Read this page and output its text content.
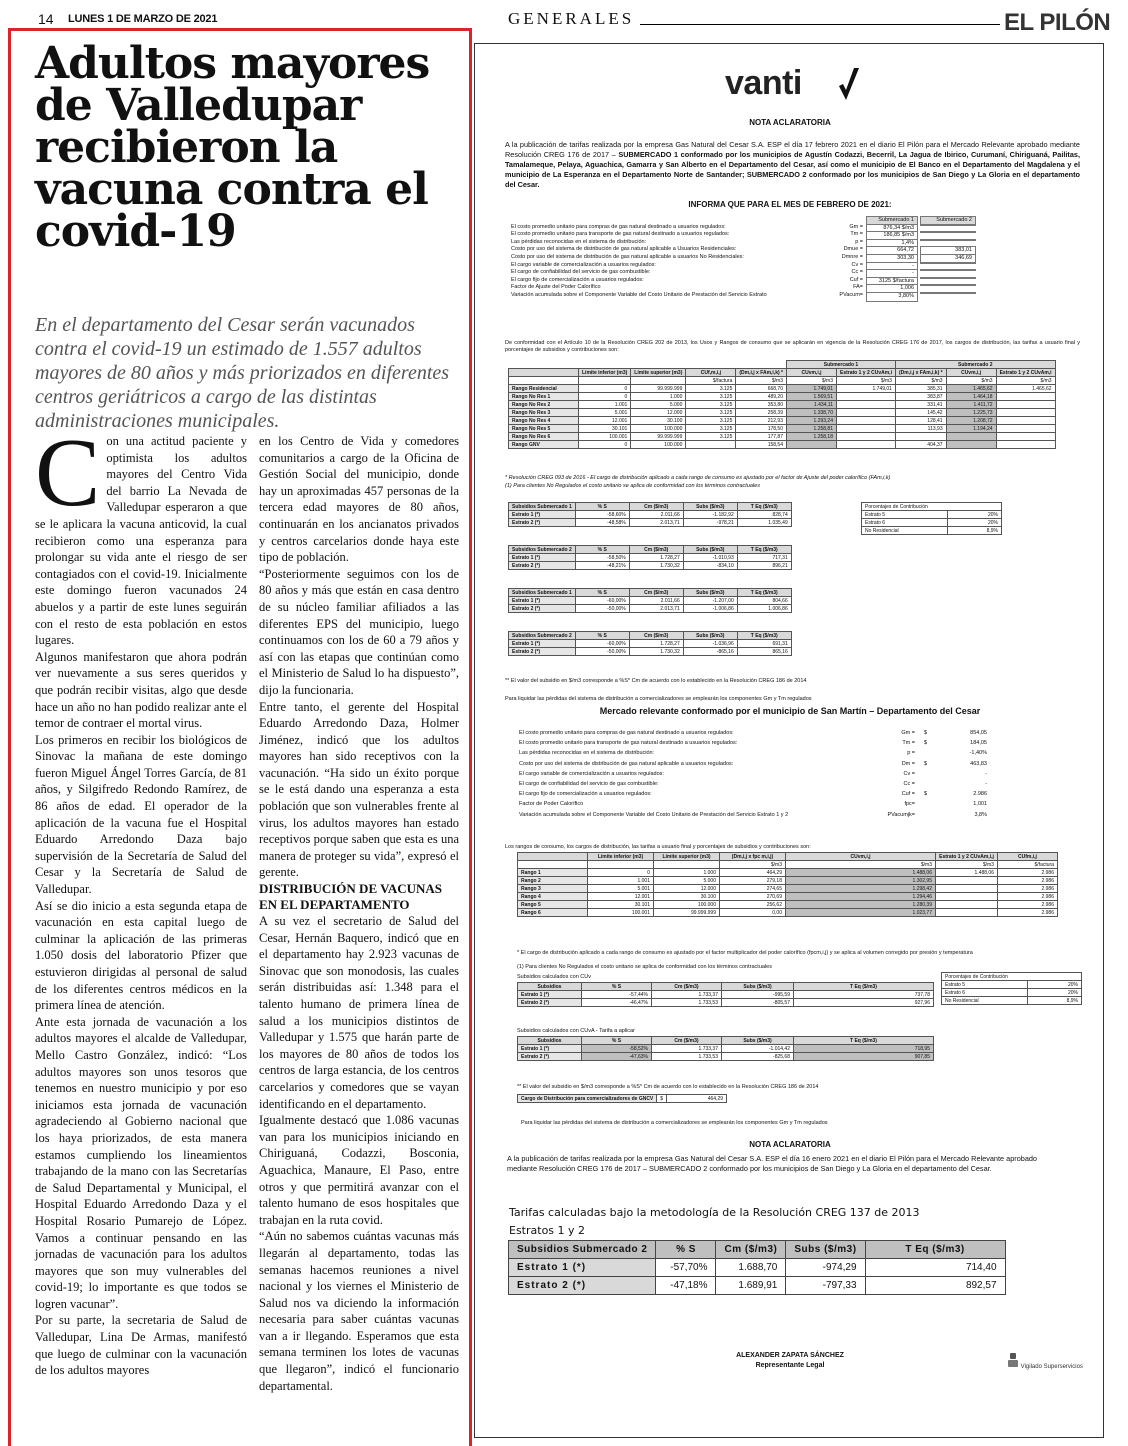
14 LUNES 1 DE MARZO DE 2021	GENERALES	EL PILÓN
Adultos mayores de Valledupar recibieron la vacuna contra el covid-19

En el departamento del Cesar serán vacunados contra el covid-19 un estimado de 1.557 adultos mayores de 80 años y más priorizados en diferentes centros geriátricos a cargo de las distintas administraciones municipales.

C on una actitud paciente y optimista los adultos mayores del Centro Vida del barrio La Nevada de Valledupar esperaron a que se le aplicara la vacuna anticovid, la cual recibieron como una esperanza para prolongar su vida ante el riesgo de ser contagiados con el covid-19. Inicialmente este domingo fueron vacunados 24 abuelos y a partir de este lunes seguirán con el resto de esta población en estos lugares.

Algunos manifestaron que ahora podrán ver nuevamente a sus seres queridos y que podrán recibir visitas, algo que desde hace un año no han podido realizar ante el temor de contraer el mortal virus.

Los primeros en recibir los biológicos de Sinovac la mañana de este domingo fueron Miguel Ángel Torres García, de 81 años, y Silgifredo Redondo Ramírez, de 86 años de edad. El operador de la aplicación de la vacuna fue el Hospital Eduardo Arredondo Daza bajo supervisión de la Secretaría de Salud del Cesar y la Secretaría de Salud de Valledupar.

Así se dio inicio a esta segunda etapa de vacunación en esta capital luego de culminar la aplicación de las primeras 1.050 dosis del laboratorio Pfizer que estuvieron dirigidas al personal de salud de los diferentes centros médicos en la primera línea de atención.

Ante esta jornada de vacunación a los adultos mayores el alcalde de Valledupar, Mello Castro González, indicó: “Los adultos mayores son unos tesoros que tenemos en nuestro municipio y por eso iniciamos esta jornada de vacunación agradeciendo al Gobierno nacional que los haya priorizados, de esta manera estamos cumpliendo los lineamientos trabajando de la mano con las Secretarías de Salud Departamental y Municipal, el Hospital Eduardo Arredondo Daza y el Hospital Rosario Pumarejo de López. Vamos a continuar pensando en las jornadas de vacunación para los adultos mayores que son muy vulnerables del covid-19; lo importante es que todos se logren vacunar”.

Por su parte, la secretaria de Salud de Valledupar, Lina De Armas, manifestó que luego de culminar con la vacunación de los adultos mayores

en los Centro de Vida y comedores comunitarios a cargo de la Oficina de Gestión Social del municipio, donde hay un aproximadas 457 personas de la tercera edad mayores de 80 años, continuarán en los ancianatos privados y centros carcelarios donde haya este tipo de población.

“Posteriormente seguimos con los de 80 años y más que están en casa dentro de su núcleo familiar afiliados a las diferentes EPS del municipio, luego continuamos con los de 60 a 79 años y así con las etapas que continúan como el Ministerio de Salud lo ha dispuesto”, dijo la funcionaria.

Entre tanto, el gerente del Hospital Eduardo Arredondo Daza, Holmer Jiménez, indicó que los adultos mayores han sido receptivos con la vacunación. “Ha sido un éxito porque se le está dando una esperanza a esta población que son vulnerables frente al virus, los adultos mayores han estado receptivos porque saben que esta es una manera de proteger su vida”, expresó el gerente.

DISTRIBUCIÓN DE VACUNAS EN EL DEPARTAMENTO

A su vez el secretario de Salud del Cesar, Hernán Baquero, indicó que en el departamento hay 2.923 vacunas de Sinovac que son monodosis, las cuales serán distribuidas así: 1.348 para el talento humano de primera línea de salud a los municipios distintos de Valledupar y 1.575 que harán parte de los mayores de 80 años de todos los centros de larga estancia, de los centros carcelarios y comedores que se vayan identificando en el departamento.

Igualmente destacó que 1.086 vacunas van para los municipios iniciando en Chiriguaná, Codazzi, Bosconia, Aguachica, Manaure, El Paso, entre otros y que permitirá avanzar con el talento humano de esos hospitales que trabajan en la ruta covid.

“Aún no sabemos cuántas vacunas más llegarán al departamento, todas las semanas hacemos reuniones a nivel nacional y los viernes el Ministerio de Salud nos va diciendo la información necesaria para saber cuántas vacunas van a ir llegando. Esperamos que esta semana terminen los lotes de vacunas que llegaron”, indicó el funcionario departamental.

vanti
NOTA ACLARATORIA
A la publicación de tarifas realizada por la empresa Gas Natural del Cesar S.A. ESP el día 17 febrero 2021 en el diario El Pilón para el Mercado Relevante aprobado mediante Resolución CREG 176 de 2017 – SUBMERCADO 1 conformado por los municipios de Agustín Codazzi, Becerril, La Jagua de Ibirico, Curumaní, Chiriguaná, Pailitas, Tamalameque, Pelaya, Aguachica, Gamarra y San Alberto en el Departamento del Cesar, así como el municipio de El Banco en el Departamento del Magdalena y el municipio de La Esperanza en el Departamento Norte de Santander; SUBMERCADO 2 conformado por los municipios de San Diego y La Gloria en el departamento del Cesar.
INFORMA QUE PARA EL MES DE FEBRERO DE 2021:
Submercado 1	Submercado 2
El costo promedio unitario para compras de gas natural destinado a usuarios regulados:	Gm =	876,34 $/m3
El costo promedio unitario para transporte de gas natural destinado a usuarios regulados:	Tm =	186,85 $/m3
Las pérdidas reconocidas en el sistema de distribución:	p =	1,4%
Costo por uso del sistema de distribución de gas natural aplicable a Usuarios Residenciales:	Dmue =	664,72	383,01
Costo por uso del sistema de distribución de gas natural aplicable a usuarios No Residenciales:	Dmnre =	303,30	346,69
El cargo variable de comercialización a usuarios regulados:	Cv =	-
El cargo de confiabilidad del servicio de gas combustible:	Cc =	-
El cargo fijo de comercialización a usuarios regulados:	Cuf =	3125 $/factura
Factor de Ajuste del Poder Calorífico	FA=	1,006
Variación acumulada sobre el Componente Variable del Costo Unitario de Prestación del Servicio Estrato	PVacum=	3,80%
De conformidad con el Artículo 10 de la Resolución CREG 202 de 2013, los Usos y Rangos de consumo que se aplicarán en vigencia de la Resolución CREG 176 de 2017, los cargos de distribución, las tarifas a usuario final y porcentajes de subsidios y contribuciones son:
					Submercado 1		Submercado 2		
	Límite inferior (m3)	Límite superior (m3)	CUf,m,i,j	(Dm,i,j x FAm,i,k) *	CUvm,i,j	Estrato 1 y 2 CUvAm,i	(Dm,i,j x FAm,i,k) *	CUvm,i,j	Estrato 1 y 2 CUvAm,i
			$/factura	$/m3	$/m3	$/m3	$/m3	$/m3	$/m3
Rango Residencial	0	99.999.999	3.125	668,70	1.749,01	1.749,01	385,31	1.465,62	1.465,62
Rango No Res 1	0	1.000	3.125	489,20	1.569,51		383,87	1.464,18	
Rango No Res 2	1.001	5.000	3.125	353,80	1.434,11		331,41	1.411,72	
Rango No Res 3	5.001	12.000	3.125	258,39	1.338,70		145,42	1.225,73	
Rango No Res 4	12.001	30.100	3.125	212,93	1.293,24		128,41	1.208,72	
Rango No Res 5	30.101	100.000	3.125	178,50	1.258,81		113,93	1.194,24	
Rango No Res 6	100.001	99.999.999	3.125	177,87	1.258,18				
Rango GNV	0	100.000		158,54			404,37		
* Resolución CREG 093 de 2016 - El cargo de distribución aplicado a cada rango de consumo es ajustado por el factor de Ajuste del poder calorífico (FAm,i,k)
(1) Para clientes No Regulados el costo unitario se aplica de conformidad con los términos contractuales
Subsidios Submercado 1	% S	Cm ($/m3)	Subs ($/m3)	T Eq ($/m3)
Estrato 1 (*)	-58,60%	2.011,66	-1.182,92	828,74
Estrato 2 (*)	-48,58%	2.013,71	-978,21	1.035,49
Subsidios Submercado 2	% S	Cm ($/m3)	Subs ($/m3)	T Eq ($/m3)
Estrato 1 (*)	-58,50%	1.728,27	-1.010,93	717,31
Estrato 2 (*)	-48,21%	1.730,32	-834,10	896,21
Subsidios Submercado 1	% S	Cm ($/m3)	Subs ($/m3)	T Eq ($/m3)
Estrato 1 (*)	-60,00%	2.011,66	-1.207,00	804,66
Estrato 2 (*)	-50,00%	2.013,71	-1.006,86	1.006,86
Subsidios Submercado 2	% S	Cm ($/m3)	Subs ($/m3)	T Eq ($/m3)
Estrato 1 (*)	-60,00%	1.728,27	-1.036,96	691,31
Estrato 2 (*)	-50,00%	1.730,32	-865,16	865,16
Porcentajes de Contribución	
Estrato 5	20%
Estrato 6	20%
No Residencial	8,9%
** El valor del subsidio en $/m3 corresponde a %S* Cm de acuerdo con lo establecido en la Resolución CREG 186 de 2014
Para liquidar las pérdidas del sistema de distribución a comercializadores se emplearán los componentes Gm y Tm regulados
Mercado relevante conformado por el municipio de San Martín – Departamento del Cesar
El costo promedio unitario para compras de gas natural destinado a usuarios regulados:	Gm =	$	854,05
El costo promedio unitario para transporte de gas natural destinado a usuarios regulados:	Tm =	$	184,05
Las pérdidas reconocidas en el sistema de distribución:	p =	-1,40%
Costo por uso del sistema de distribución de gas natural aplicable a usuarios regulados:	Dm =	$	463,83
El cargo variable de comercialización a usuarios regulados:	Cv =	-
El cargo de confiabilidad del servicio de gas combustible:	Cc =	-
El cargo fijo de comercialización a usuarios regulados:	Cuf =	$	2.986
Factor de Poder Calorífico	fpc=	1,001
Variación acumulada sobre el Componente Variable del Costo Unitario de Prestación del Servicio Estrato 1 y 2	PVacumjk=	3,8%
Los rangos de consumo, los cargos de distribución, las tarifas a usuario final y porcentajes de subsidios y contribuciones son:
	Límite inferior (m3)	Límite superior (m3)	(Dm,i,j x fpc m,i,j)	CUvm,i,j	Estrato 1 y 2 CUvAm,i,j	CUfm,i,j
			$/m3	$/m3	$/m3	$/factura
Rango 1	0	1.000	464,29	1.488,06	1.488,06	2.986
Rango 2	1.001	5.000	279,18	1.302,95		2.986
Rango 3	5.001	12.000	274,65	1.298,42		2.986
Rango 4	12.001	30.100	270,69	1.294,46		2.986
Rango 5	30.101	100.000	256,62	1.280,39		2.986
Rango 6	100.001	99.999.999	0,00	1.023,77		2.986
* El cargo de distribución aplicado a cada rango de consumo es ajustado por el factor multiplicador del poder calorífico (fpcm,i,j) y se aplica al volumen corregido por presión y temperatura
(1) Para clientes No Regulados el costo unitario se aplica de conformidad con los términos contractuales
Subsidios calculados con CUv
Subsidios	% S	Cm ($/m3)	Subs ($/m3)	T Eq ($/m3)
Estrato 1 (*)	-57,44%	1.733,37	-995,59	737,78
Estrato 2 (*)	-46,47%	1.733,53	-805,57	927,96
Porcentajes de Contribución	
Estrato 5	20%
Estrato 6	20%
No Residencial	8,9%
Subsidios calculados con CUvA - Tarifa a aplicar
Subsidios	% S	Cm ($/m3)	Subs ($/m3)	T Eq ($/m3)
Estrato 1 (*)	-58,52%	1.733,37	-1.014,42	718,95
Estrato 2 (*)	-47,63%	1.733,53	-825,68	907,85
** El valor del subsidio en $/m3 corresponde a %S* Cm de acuerdo con lo establecido en la Resolución CREG 186 de 2014
Cargo de Distribución para comercializadores de GNCV	$	464,29
Para liquidar las pérdidas del sistema de distribución a comercializadores se emplearán los componentes Gm y Tm regulados
NOTA ACLARATORIA
A la publicación de tarifas realizada por la empresa Gas Natural del Cesar S.A. ESP el día 16 enero 2021 en el diario El Pilón para el Mercado Relevante aprobado mediante Resolución CREG 176 de 2017 – SUBMERCADO 2 conformado por los municipios de San Diego y La Gloria en el departamento del Cesar.
Tarifas calculadas bajo la metodología de la Resolución CREG 137 de 2013
Estratos 1 y 2
Subsidios Submercado 2	% S	Cm ($/m3)	Subs ($/m3)	T Eq ($/m3)
Estrato 1 (*)	-57,70%	1.688,70	-974,29	714,40
Estrato 2 (*)	-47,18%	1.689,91	-797,33	892,57
ALEXANDER ZAPATA SÁNCHEZ
Representante Legal	Vigilado Superservicios
